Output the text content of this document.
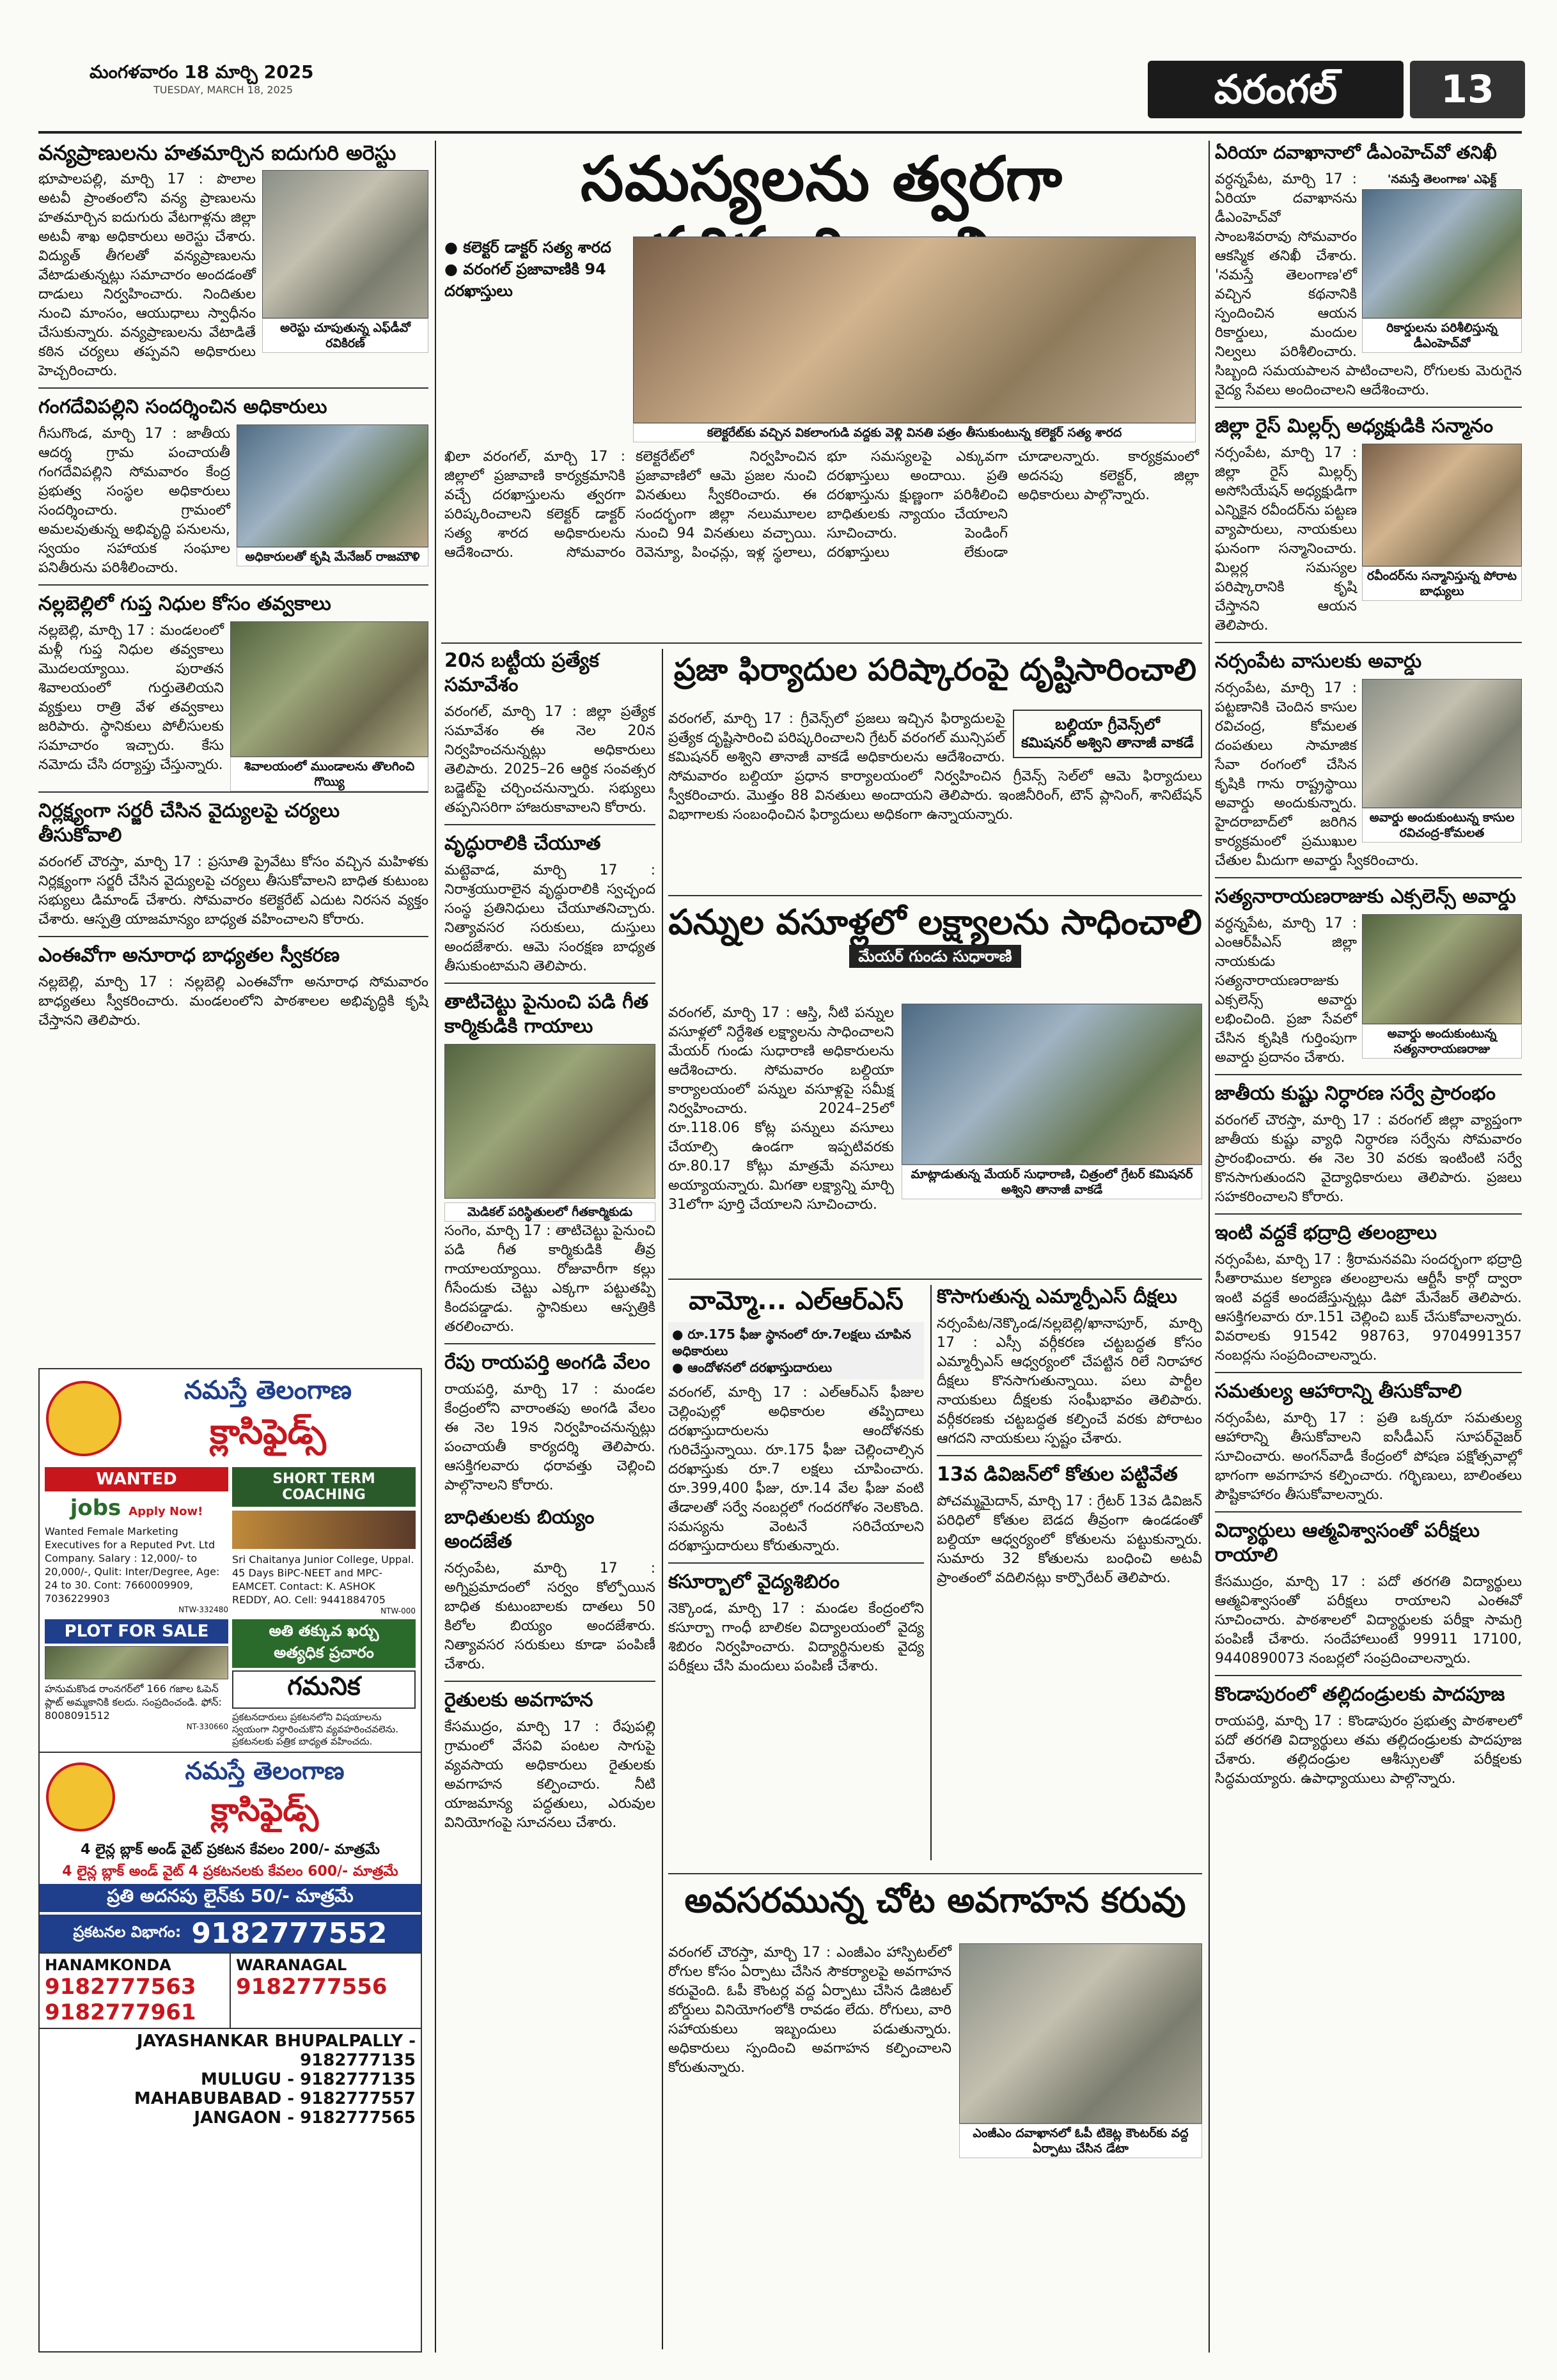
మంగళవారం 18 మార్చి 2025
TUESDAY, MARCH 18, 2025	వరంగల్	13
వన్యప్రాణులను హతమార్చిన ఐదుగురి అరెస్టు
అరెస్టు చూపుతున్న ఎఫ్‌డీవో రవికిరణ్
భూపాలపల్లి, మార్చి 17 : పొలాల అటవీ ప్రాంతంలోని వన్య ప్రాణులను హతమార్చిన ఐదుగురు వేటగాళ్లను జిల్లా అటవీ శాఖ అధికారులు అరెస్టు చేశారు. విద్యుత్ తీగలతో వన్యప్రాణులను వేటాడుతున్నట్లు సమాచారం అందడంతో దాడులు నిర్వహించారు. నిందితుల నుంచి మాంసం, ఆయుధాలు స్వాధీనం చేసుకున్నారు. వన్యప్రాణులను వేటాడితే కఠిన చర్యలు తప్పవని అధికారులు హెచ్చరించారు.
గంగదేవిపల్లిని సందర్శించిన అధికారులు
అధికారులతో కృషి మేనేజర్ రాజమౌళి
గీసుగొండ, మార్చి 17 : జాతీయ ఆదర్శ గ్రామ పంచాయతీ గంగదేవిపల్లిని సోమవారం కేంద్ర ప్రభుత్వ సంస్థల అధికారులు సందర్శించారు. గ్రామంలో అమలవుతున్న అభివృద్ధి పనులను, స్వయం సహాయక సంఘాల పనితీరును పరిశీలించారు.
నల్లబెల్లిలో గుప్త నిధుల కోసం తవ్వకాలు
శివాలయంలో ముండాలను తొలగించి గొయ్యి
నల్లబెల్లి, మార్చి 17 : మండలంలో మళ్లీ గుప్త నిధుల తవ్వకాలు మొదలయ్యాయి. పురాతన శివాలయంలో గుర్తుతెలియని వ్యక్తులు రాత్రి వేళ తవ్వకాలు జరిపారు. స్థానికులు పోలీసులకు సమాచారం ఇచ్చారు. కేసు నమోదు చేసి దర్యాప్తు చేస్తున్నారు.
నిర్లక్ష్యంగా సర్జరీ చేసిన వైద్యులపై చర్యలు తీసుకోవాలి
వరంగల్ చౌరస్తా, మార్చి 17 : ప్రసూతి ప్రైవేటు కోసం వచ్చిన మహిళకు నిర్లక్ష్యంగా సర్జరీ చేసిన వైద్యులపై చర్యలు తీసుకోవాలని బాధిత కుటుంబ సభ్యులు డిమాండ్ చేశారు. సోమవారం కలెక్టరేట్ ఎదుట నిరసన వ్యక్తం చేశారు. ఆస్పత్రి యాజమాన్యం బాధ్యత వహించాలని కోరారు.
ఎంఈవోగా అనూరాధ బాధ్యతల స్వీకరణ
నల్లబెల్లి, మార్చి 17 : నల్లబెల్లి ఎంఈవోగా అనూరాధ సోమవారం బాధ్యతలు స్వీకరించారు. మండలంలోని పాఠశాలల అభివృద్ధికి కృషి చేస్తానని తెలిపారు.
నమస్తే తెలంగాణ
క్లాసిఫైడ్స్
WANTED
jobs Apply Now!
Wanted Female Marketing Executives for a Reputed Pvt. Ltd Company. Salary : 12,000/- to 20,000/-, Qulit: Inter/Degree, Age: 24 to 30. Cont: 7660009909, 7036229903
NTW-332480
SHORT TERM COACHING
Sri Chaitanya Junior College, Uppal. 45 Days BiPC-NEET and MPC-EAMCET. Contact: K. ASHOK REDDY, AO. Cell: 9441884705
NTW-000
PLOT FOR SALE
హనుమకొండ రాంనగర్‌లో 166 గజాల ఓపెన్ ప్లాట్ అమ్మకానికి కలదు. సంప్రదించండి. ఫోన్: 8008091512
NT-330660
అతి తక్కువ ఖర్చు
అత్యధిక ప్రచారం
గమనిక
ప్రకటనదారులు ప్రకటనలోని విషయాలను స్వయంగా నిర్ధారించుకొని వ్యవహరించవలెను. ప్రకటనలకు పత్రిక బాధ్యత వహించదు.
నమస్తే తెలంగాణ
క్లాసిఫైడ్స్
4 లైన్ల బ్లాక్ అండ్ వైట్ ప్రకటన కేవలం 200/- మాత్రమే
4 లైన్ల బ్లాక్ అండ్ వైట్ 4 ప్రకటనలకు కేవలం 600/- మాత్రమే
ప్రతి అదనపు లైన్‌కు 50/- మాత్రమే
ప్రకటనల విభాగం: 9182777552
HANAMKONDA
9182777563
9182777961
WARANAGAL
9182777556
JAYASHANKAR BHUPALPALLY - 9182777135
MULUGU - 9182777135
MAHABUBABAD - 9182777557
JANGAON - 9182777565
సమస్యలను త్వరగా
● కలెక్టర్ డాక్టర్ సత్య శారద
● వరంగల్ ప్రజావాణికి 94 దరఖాస్తులు
కలెక్టరేట్‌కు వచ్చిన వికలాంగుడి వద్దకు వెళ్లి వినతి పత్రం తీసుకుంటున్న కలెక్టర్ సత్య శారద
ఖిలా వరంగల్, మార్చి 17 : జిల్లాలో ప్రజావాణి కార్యక్రమానికి వచ్చే దరఖాస్తులను త్వరగా పరిష్కరించాలని కలెక్టర్ డాక్టర్ సత్య శారద అధికారులను ఆదేశించారు. సోమవారం కలెక్టరేట్‌లో నిర్వహించిన ప్రజావాణిలో ఆమె ప్రజల నుంచి వినతులు స్వీకరించారు. ఈ సందర్భంగా జిల్లా నలుమూలల నుంచి 94 వినతులు వచ్చాయి. రెవెన్యూ, పింఛన్లు, ఇళ్ల స్థలాలు, భూ సమస్యలపై ఎక్కువగా దరఖాస్తులు అందాయి. ప్రతి దరఖాస్తును క్షుణ్ణంగా పరిశీలించి బాధితులకు న్యాయం చేయాలని సూచించారు. పెండింగ్ దరఖాస్తులు లేకుండా చూడాలన్నారు. కార్యక్రమంలో అదనపు కలెక్టర్, జిల్లా అధికారులు పాల్గొన్నారు.
20న బట్టీయ ప్రత్యేక సమావేశం
వరంగల్, మార్చి 17 : జిల్లా ప్రత్యేక సమావేశం ఈ నెల 20న నిర్వహించనున్నట్లు అధికారులు తెలిపారు. 2025–26 ఆర్థిక సంవత్సర బడ్జెట్‌పై చర్చించనున్నారు. సభ్యులు తప్పనిసరిగా హాజరుకావాలని కోరారు.
వృద్ధురాలికి చేయూత
మట్టెవాడ, మార్చి 17 : నిరాశ్రయురాలైన వృద్ధురాలికి స్వచ్ఛంద సంస్థ ప్రతినిధులు చేయూతనిచ్చారు. నిత్యావసర సరుకులు, దుస్తులు అందజేశారు. ఆమె సంరక్షణ బాధ్యత తీసుకుంటామని తెలిపారు.
తాటిచెట్టు పైనుంచి పడి గీత కార్మికుడికి గాయాలు
మెడికల్ పరిస్థితులలో గీతకార్మికుడు
సంగెం, మార్చి 17 : తాటిచెట్టు పైనుంచి పడి గీత కార్మికుడికి తీవ్ర గాయాలయ్యాయి. రోజువారీగా కల్లు గీసేందుకు చెట్టు ఎక్కగా పట్టుతప్పి కిందపడ్డాడు. స్థానికులు ఆస్పత్రికి తరలించారు.
రేపు రాయపర్తి అంగడి వేలం
రాయపర్తి, మార్చి 17 : మండల కేంద్రంలోని వారాంతపు అంగడి వేలం ఈ నెల 19న నిర్వహించనున్నట్లు పంచాయతీ కార్యదర్శి తెలిపారు. ఆసక్తిగలవారు ధరావత్తు చెల్లించి పాల్గొనాలని కోరారు.
బాధితులకు బియ్యం అందజేత
నర్సంపేట, మార్చి 17 : అగ్నిప్రమాదంలో సర్వం కోల్పోయిన బాధిత కుటుంబాలకు దాతలు 50 కిలోల బియ్యం అందజేశారు. నిత్యావసర సరుకులు కూడా పంపిణీ చేశారు.
రైతులకు అవగాహన
కేసముద్రం, మార్చి 17 : రేపుపల్లి గ్రామంలో వేసవి పంటల సాగుపై వ్యవసాయ అధికారులు రైతులకు అవగాహన కల్పించారు. నీటి యాజమాన్య పద్ధతులు, ఎరువుల వినియోగంపై సూచనలు చేశారు.
ప్రజా ఫిర్యాదుల పరిష్కారంపై దృష్టిసారించాలి
బల్దియా గ్రీవెన్స్‌లో
కమిషనర్ అశ్విని తానాజీ వాకడే
వరంగల్, మార్చి 17 : గ్రీవెన్స్‌లో ప్రజలు ఇచ్చిన ఫిర్యాదులపై ప్రత్యేక దృష్టిసారించి పరిష్కరించాలని గ్రేటర్ వరంగల్ మున్సిపల్ కమిషనర్ అశ్విని తానాజీ వాకడే అధికారులను ఆదేశించారు. సోమవారం బల్దియా ప్రధాన కార్యాలయంలో నిర్వహించిన గ్రీవెన్స్ సెల్‌లో ఆమె ఫిర్యాదులు స్వీకరించారు. మొత్తం 88 వినతులు అందాయని తెలిపారు. ఇంజినీరింగ్, టౌన్ ప్లానింగ్, శానిటేషన్ విభాగాలకు సంబంధించిన ఫిర్యాదులు అధికంగా ఉన్నాయన్నారు.
పన్నుల వసూళ్లలో లక్ష్యాలను సాధించాలి
మేయర్ గుండు సుధారాణి
మాట్లాడుతున్న మేయర్ సుధారాణి, చిత్రంలో గ్రేటర్ కమిషనర్ అశ్విని తానాజీ వాకడే
వరంగల్, మార్చి 17 : ఆస్తి, నీటి పన్నుల వసూళ్లలో నిర్దేశిత లక్ష్యాలను సాధించాలని మేయర్ గుండు సుధారాణి అధికారులను ఆదేశించారు. సోమవారం బల్దియా కార్యాలయంలో పన్నుల వసూళ్లపై సమీక్ష నిర్వహించారు. 2024–25లో రూ.118.06 కోట్ల పన్నులు వసూలు చేయాల్సి ఉండగా ఇప్పటివరకు రూ.80.17 కోట్లు మాత్రమే వసూలు అయ్యాయన్నారు. మిగతా లక్ష్యాన్ని మార్చి 31లోగా పూర్తి చేయాలని సూచించారు.
వామ్మో... ఎల్‌ఆర్‌ఎస్
● రూ.175 ఫీజు స్థానంలో రూ.7లక్షలు చూపిన అధికారులు
● ఆందోళనలో దరఖాస్తుదారులు
వరంగల్, మార్చి 17 : ఎల్‌ఆర్‌ఎస్ ఫీజుల చెల్లింపుల్లో అధికారుల తప్పిదాలు దరఖాస్తుదారులను ఆందోళనకు గురిచేస్తున్నాయి. రూ.175 ఫీజు చెల్లించాల్సిన దరఖాస్తుకు రూ.7 లక్షలు చూపించారు. రూ.399,400 ఫీజు, రూ.14 వేల ఫీజు వంటి తేడాలతో సర్వే నంబర్లలో గందరగోళం నెలకొంది. సమస్యను వెంటనే సరిచేయాలని దరఖాస్తుదారులు కోరుతున్నారు.
కసూర్బాలో వైద్యశిబిరం
నెక్కొండ, మార్చి 17 : మండల కేంద్రంలోని కసూర్బా గాంధీ బాలికల విద్యాలయంలో వైద్య శిబిరం నిర్వహించారు. విద్యార్థినులకు వైద్య పరీక్షలు చేసి మందులు పంపిణీ చేశారు.
కొసాగుతున్న ఎమ్మార్పీఎస్ దీక్షలు
నర్సంపేట/నెక్కొండ/నల్లబెల్లి/ఖానాపూర్, మార్చి 17 : ఎస్సీ వర్గీకరణ చట్టబద్ధత కోసం ఎమ్మార్పీఎస్ ఆధ్వర్యంలో చేపట్టిన రిలే నిరాహార దీక్షలు కొనసాగుతున్నాయి. పలు పార్టీల నాయకులు దీక్షలకు సంఘీభావం తెలిపారు. వర్గీకరణకు చట్టబద్ధత కల్పించే వరకు పోరాటం ఆగదని నాయకులు స్పష్టం చేశారు.
13వ డివిజన్‌లో కోతుల పట్టివేత
పోచమ్మమైదాన్, మార్చి 17 : గ్రేటర్ 13వ డివిజన్ పరిధిలో కోతుల బెడద తీవ్రంగా ఉండడంతో బల్దియా ఆధ్వర్యంలో కోతులను పట్టుకున్నారు. సుమారు 32 కోతులను బంధించి అటవీ ప్రాంతంలో వదిలినట్లు కార్పొరేటర్ తెలిపారు.
అవసరమున్న చోట అవగాహన కరువు
ఎంజీఎం దవాఖానలో ఓపీ టికెట్ల కౌంటర్‌కు వద్ద ఏర్పాటు చేసిన డేటా
వరంగల్ చౌరస్తా, మార్చి 17 : ఎంజీఎం హాస్పిటల్‌లో రోగుల కోసం ఏర్పాటు చేసిన సౌకర్యాలపై అవగాహన కరువైంది. ఓపీ కౌంటర్ల వద్ద ఏర్పాటు చేసిన డిజిటల్ బోర్డులు వినియోగంలోకి రావడం లేదు. రోగులు, వారి సహాయకులు ఇబ్బందులు పడుతున్నారు. అధికారులు స్పందించి అవగాహన కల్పించాలని కోరుతున్నారు.
ఏరియా దవాఖానాలో డీఎంహెచ్‌వో తనిఖీ
'నమస్తే తెలంగాణ' ఎఫెక్ట్
రికార్డులను పరిశీలిస్తున్న డీఎంహెచ్‌వో
వర్ధన్నపేట, మార్చి 17 : ఏరియా దవాఖానను డీఎంహెచ్‌వో సాంబశివరావు సోమవారం ఆకస్మిక తనిఖీ చేశారు. 'నమస్తే తెలంగాణ'లో వచ్చిన కథనానికి స్పందించిన ఆయన రికార్డులు, మందుల నిల్వలు పరిశీలించారు. సిబ్బంది సమయపాలన పాటించాలని, రోగులకు మెరుగైన వైద్య సేవలు అందించాలని ఆదేశించారు.
జిల్లా రైస్ మిల్లర్స్ అధ్యక్షుడికి సన్మానం
రవీందర్‌ను సన్మానిస్తున్న పోరాట బాధ్యులు
నర్సంపేట, మార్చి 17 : జిల్లా రైస్ మిల్లర్స్ అసోసియేషన్ అధ్యక్షుడిగా ఎన్నికైన రవీందర్‌ను పట్టణ వ్యాపారులు, నాయకులు ఘనంగా సన్మానించారు. మిల్లర్ల సమస్యల పరిష్కారానికి కృషి చేస్తానని ఆయన తెలిపారు.
నర్సంపేట వాసులకు అవార్డు
అవార్డు అందుకుంటున్న కాసుల రవిచంద్ర-కోమలత
నర్సంపేట, మార్చి 17 : పట్టణానికి చెందిన కాసుల రవిచంద్ర, కోమలత దంపతులు సామాజిక సేవా రంగంలో చేసిన కృషికి గాను రాష్ట్రస్థాయి అవార్డు అందుకున్నారు. హైదరాబాద్‌లో జరిగిన కార్యక్రమంలో ప్రముఖుల చేతుల మీదుగా అవార్డు స్వీకరించారు.
సత్యనారాయణరాజుకు ఎక్సలెన్స్ అవార్డు
అవార్డు అందుకుంటున్న సత్యనారాయణరాజు
వర్ధన్నపేట, మార్చి 17 : ఎంఆర్‌పీఎస్ జిల్లా నాయకుడు సత్యనారాయణరాజుకు ఎక్సలెన్స్ అవార్డు లభించింది. ప్రజా సేవలో చేసిన కృషికి గుర్తింపుగా అవార్డు ప్రదానం చేశారు.
జాతీయ కుష్టు నిర్ధారణ సర్వే ప్రారంభం
వరంగల్ చౌరస్తా, మార్చి 17 : వరంగల్ జిల్లా వ్యాప్తంగా జాతీయ కుష్టు వ్యాధి నిర్ధారణ సర్వేను సోమవారం ప్రారంభించారు. ఈ నెల 30 వరకు ఇంటింటి సర్వే కొనసాగుతుందని వైద్యాధికారులు తెలిపారు. ప్రజలు సహకరించాలని కోరారు.
ఇంటి వద్దకే భద్రాద్రి తలంబ్రాలు
నర్సంపేట, మార్చి 17 : శ్రీరామనవమి సందర్భంగా భద్రాద్రి సీతారాముల కల్యాణ తలంబ్రాలను ఆర్టీసీ కార్గో ద్వారా ఇంటి వద్దకే అందజేస్తున్నట్లు డిపో మేనేజర్ తెలిపారు. ఆసక్తిగలవారు రూ.151 చెల్లించి బుక్ చేసుకోవాలన్నారు. వివరాలకు 91542 98763, 9704991357 నంబర్లను సంప్రదించాలన్నారు.
సమతుల్య ఆహారాన్ని తీసుకోవాలి
నర్సంపేట, మార్చి 17 : ప్రతి ఒక్కరూ సమతుల్య ఆహారాన్ని తీసుకోవాలని ఐసీడీఎస్ సూపర్‌వైజర్ సూచించారు. అంగన్‌వాడీ కేంద్రంలో పోషణ పక్షోత్సవాల్లో భాగంగా అవగాహన కల్పించారు. గర్భిణులు, బాలింతలు పౌష్టికాహారం తీసుకోవాలన్నారు.
విద్యార్థులు ఆత్మవిశ్వాసంతో పరీక్షలు రాయాలి
కేసముద్రం, మార్చి 17 : పదో తరగతి విద్యార్థులు ఆత్మవిశ్వాసంతో పరీక్షలు రాయాలని ఎంఈవో సూచించారు. పాఠశాలలో విద్యార్థులకు పరీక్షా సామగ్రి పంపిణీ చేశారు. సందేహాలుంటే 99911 17100, 9440890073 నంబర్లలో సంప్రదించాలన్నారు.
కొండాపురంలో తల్లిదండ్రులకు పాదపూజ
రాయపర్తి, మార్చి 17 : కొండాపురం ప్రభుత్వ పాఠశాలలో పదో తరగతి విద్యార్థులు తమ తల్లిదండ్రులకు పాదపూజ చేశారు. తల్లిదండ్రుల ఆశీస్సులతో పరీక్షలకు సిద్ధమయ్యారు. ఉపాధ్యాయులు పాల్గొన్నారు.
